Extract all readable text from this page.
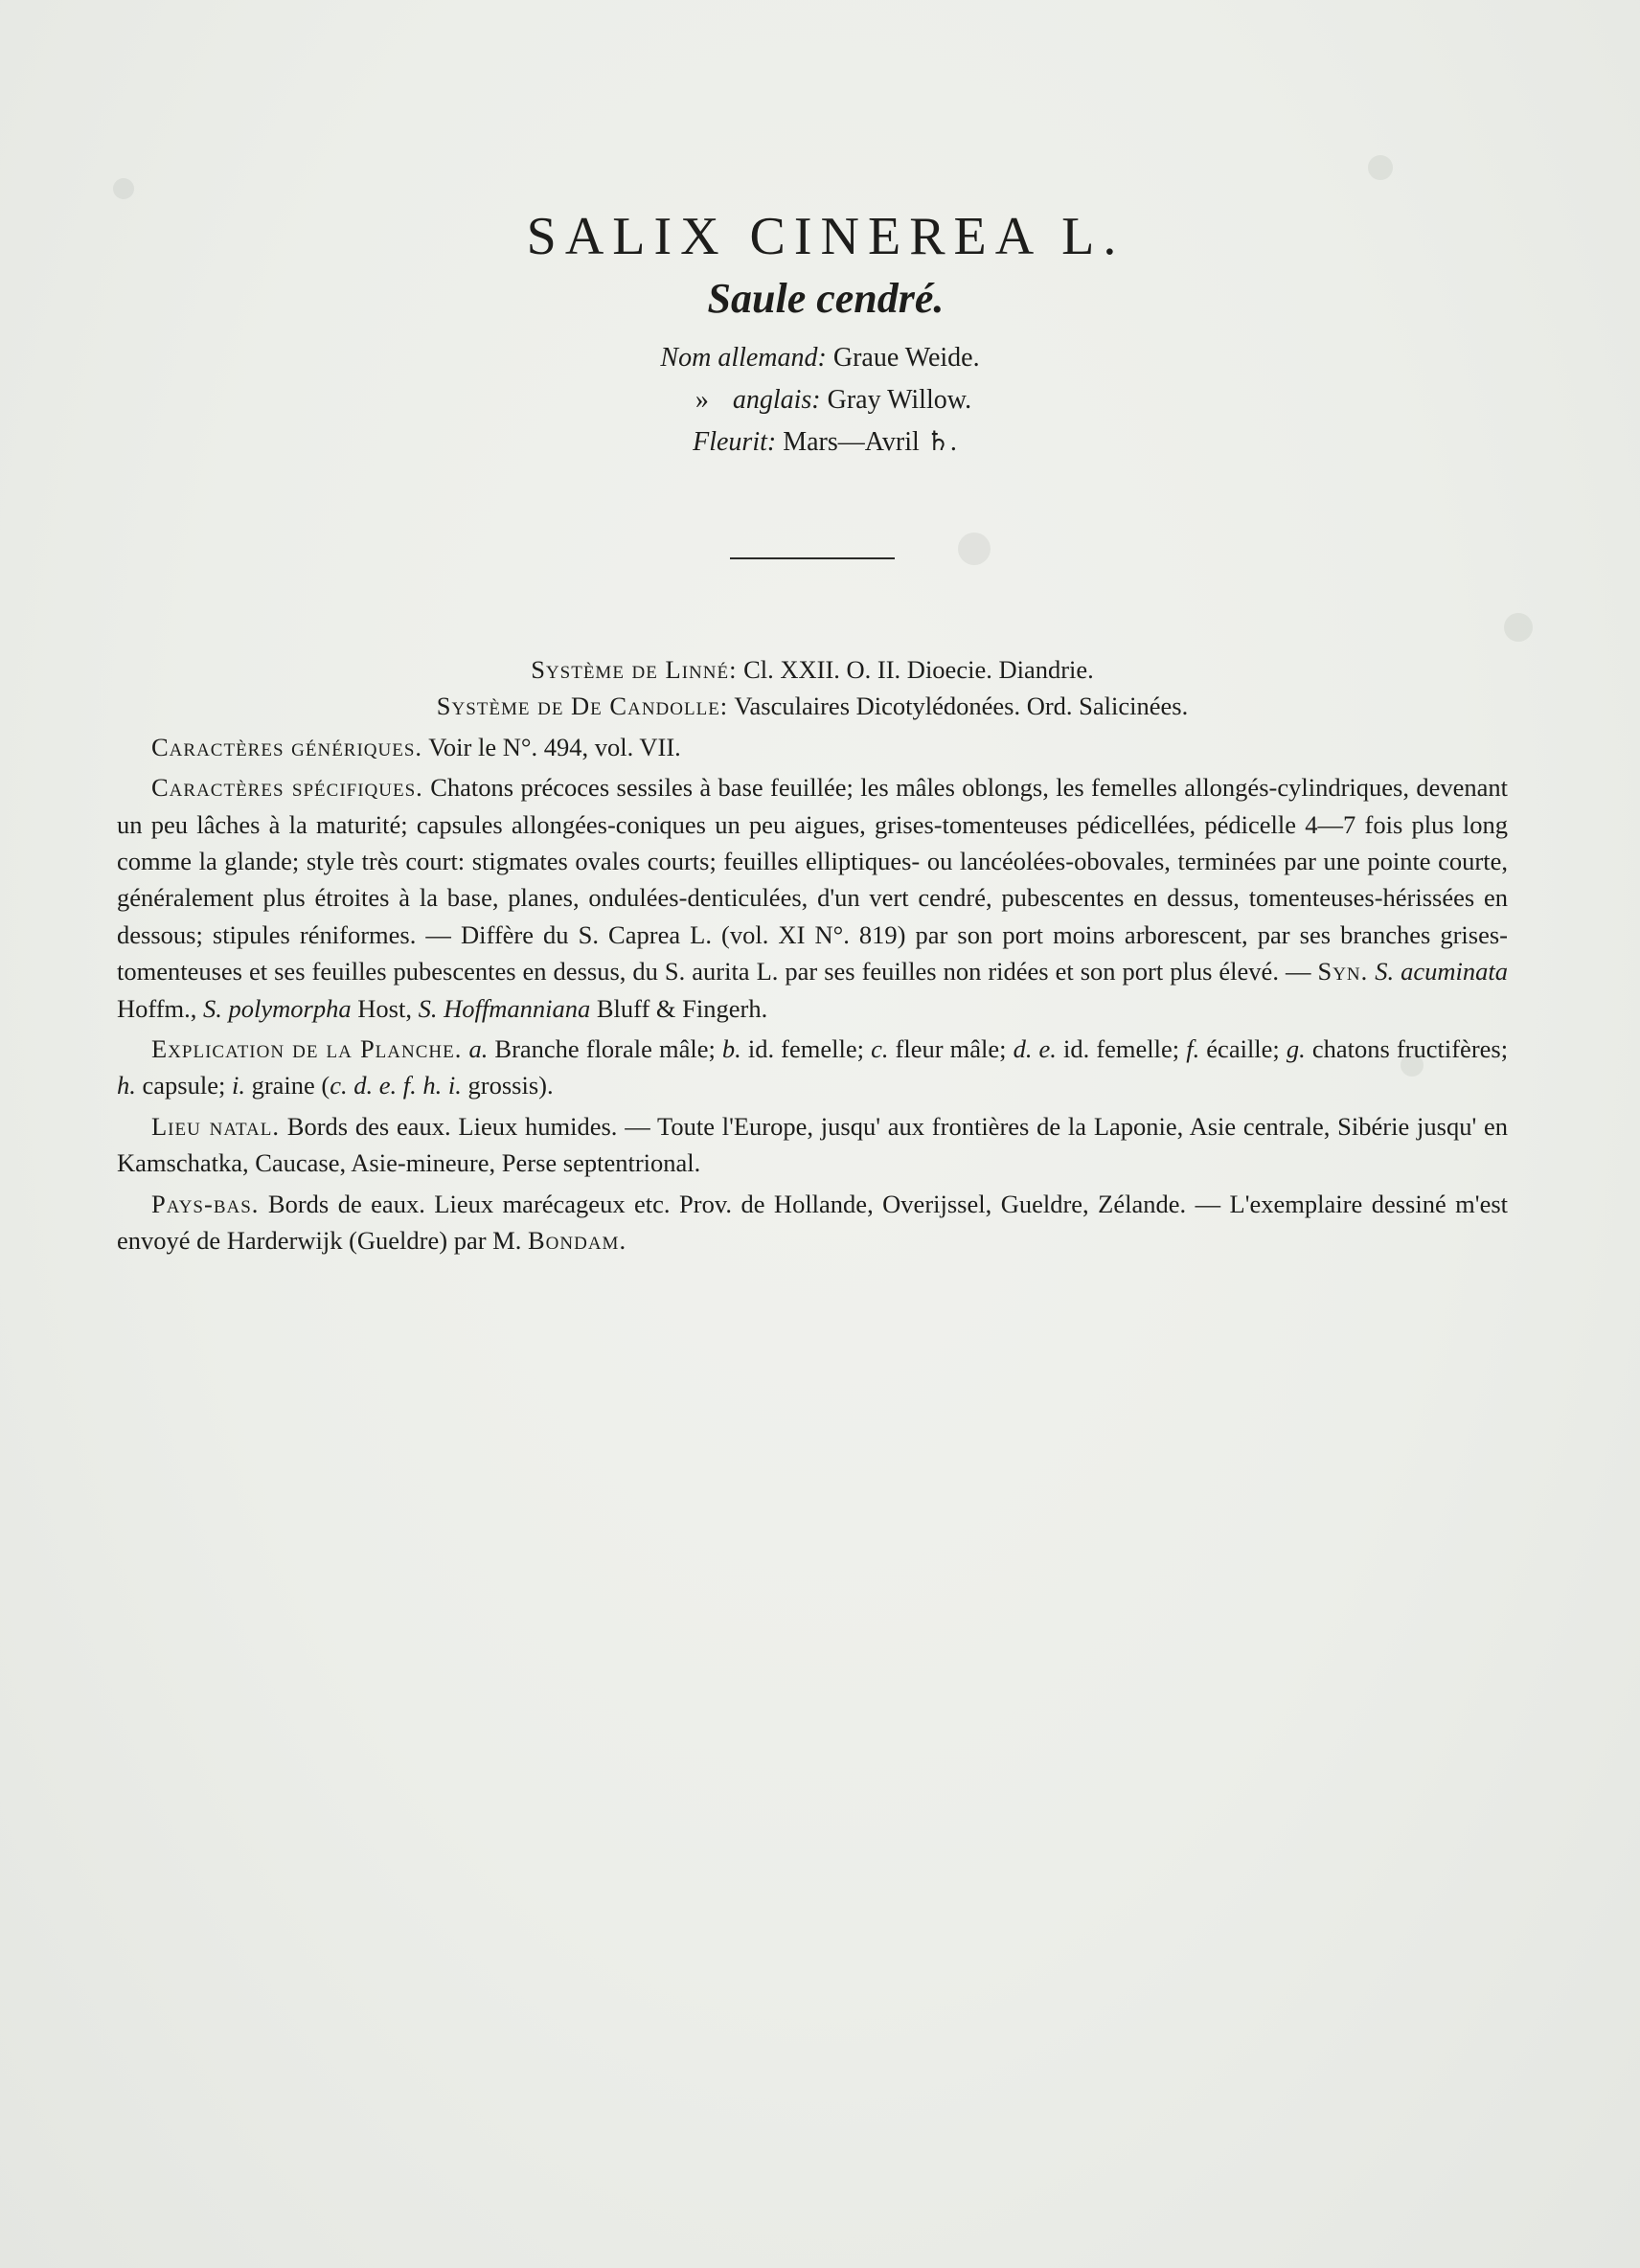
SALIX CINEREA L.
Saule cendré.
Nom allemand: Graue Weide.
» anglais: Gray Willow.
Fleurit: Mars—Avril ♄.
Système de Linné: Cl. XXII. O. II. Dioecie. Diandrie.
Système de De Candolle: Vasculaires Dicotylédonées. Ord. Salicinées.
Caractères génériques. Voir le N°. 494, vol. VII.
Caractères spécifiques. Chatons précoces sessiles à base feuillée; les mâles oblongs, les femelles allongés-cylindriques, devenant un peu lâches à la maturité; capsules allongées-coniques un peu aigues, grises-tomenteuses pédicellées, pédicelle 4—7 fois plus long comme la glande; style très court: stigmates ovales courts; feuilles elliptiques- ou lancéolées-obovales, terminées par une pointe courte, généralement plus étroites à la base, planes, ondulées-denticulées, d'un vert cendré, pubescentes en dessus, tomenteuses-hérissées en dessous; stipules réniformes. — Diffère du S. Caprea L. (vol. XI N°. 819) par son port moins arborescent, par ses branches grises-tomenteuses et ses feuilles pubescentes en dessus, du S. aurita L. par ses feuilles non ridées et son port plus élevé. — Syn. S. acuminata Hoffm., S. polymorpha Host, S. Hoffmanniana Bluff & Fingerh.
Explication de la Planche. a. Branche florale mâle; b. id. femelle; c. fleur mâle; d. e. id. femelle; f. écaille; g. chatons fructifères; h. capsule; i. graine (c. d. e. f. h. i. grossis).
Lieu natal. Bords des eaux. Lieux humides. — Toute l'Europe, jusqu' aux frontières de la Laponie, Asie centrale, Sibérie jusqu' en Kamschatka, Caucase, Asie-mineure, Perse septentrional.
Pays-bas. Bords de eaux. Lieux marécageux etc. Prov. de Hollande, Overijssel, Gueldre, Zélande. — L'exemplaire dessiné m'est envoyé de Harderwijk (Gueldre) par M. Bondam.
